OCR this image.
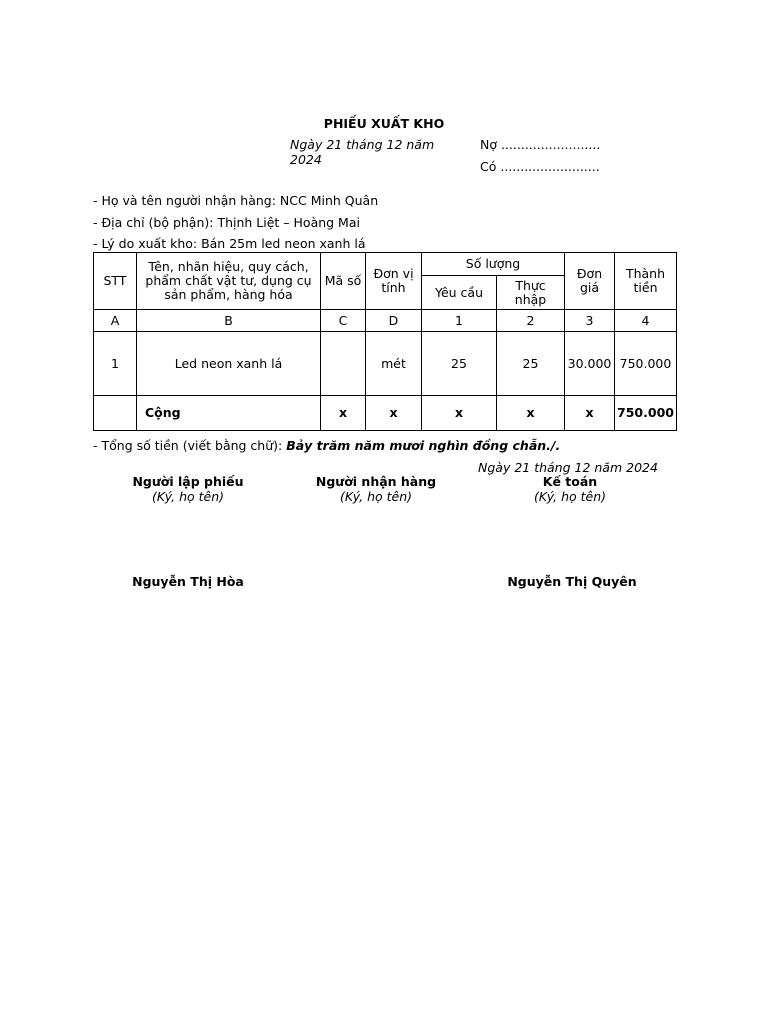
PHIẾU XUẤT KHO
Ngày 21 tháng 12 năm 2024
Nợ .........................
Có .........................
- Họ và tên người nhận hàng: NCC Minh Quân
- Địa chỉ (bộ phận): Thịnh Liệt – Hoàng Mai
- Lý do xuất kho: Bán 25m led neon xanh lá
STT	Tên, nhãn hiệu, quy cách, phẩm chất vật tư, dụng cụ sản phẩm, hàng hóa	Mã số	Đơn vị tính	Số lượng		Đơn giá	Thành tiền
				Yêu cầu	Thực nhập		
A	B	C	D	1	2	3	4
1	Led neon xanh lá		mét	25	25	30.000	750.000
	Cộng	x	x	x	x	x	750.000
- Tổng số tiền (viết bằng chữ): Bảy trăm năm mươi nghìn đồng chẵn./.
Ngày 21 tháng 12 năm 2024
Người lập phiếu
(Ký, họ tên)
Nguyễn Thị Hòa
Người nhận hàng
(Ký, họ tên)
Kế toán
(Ký, họ tên)
Nguyễn Thị Quyên
